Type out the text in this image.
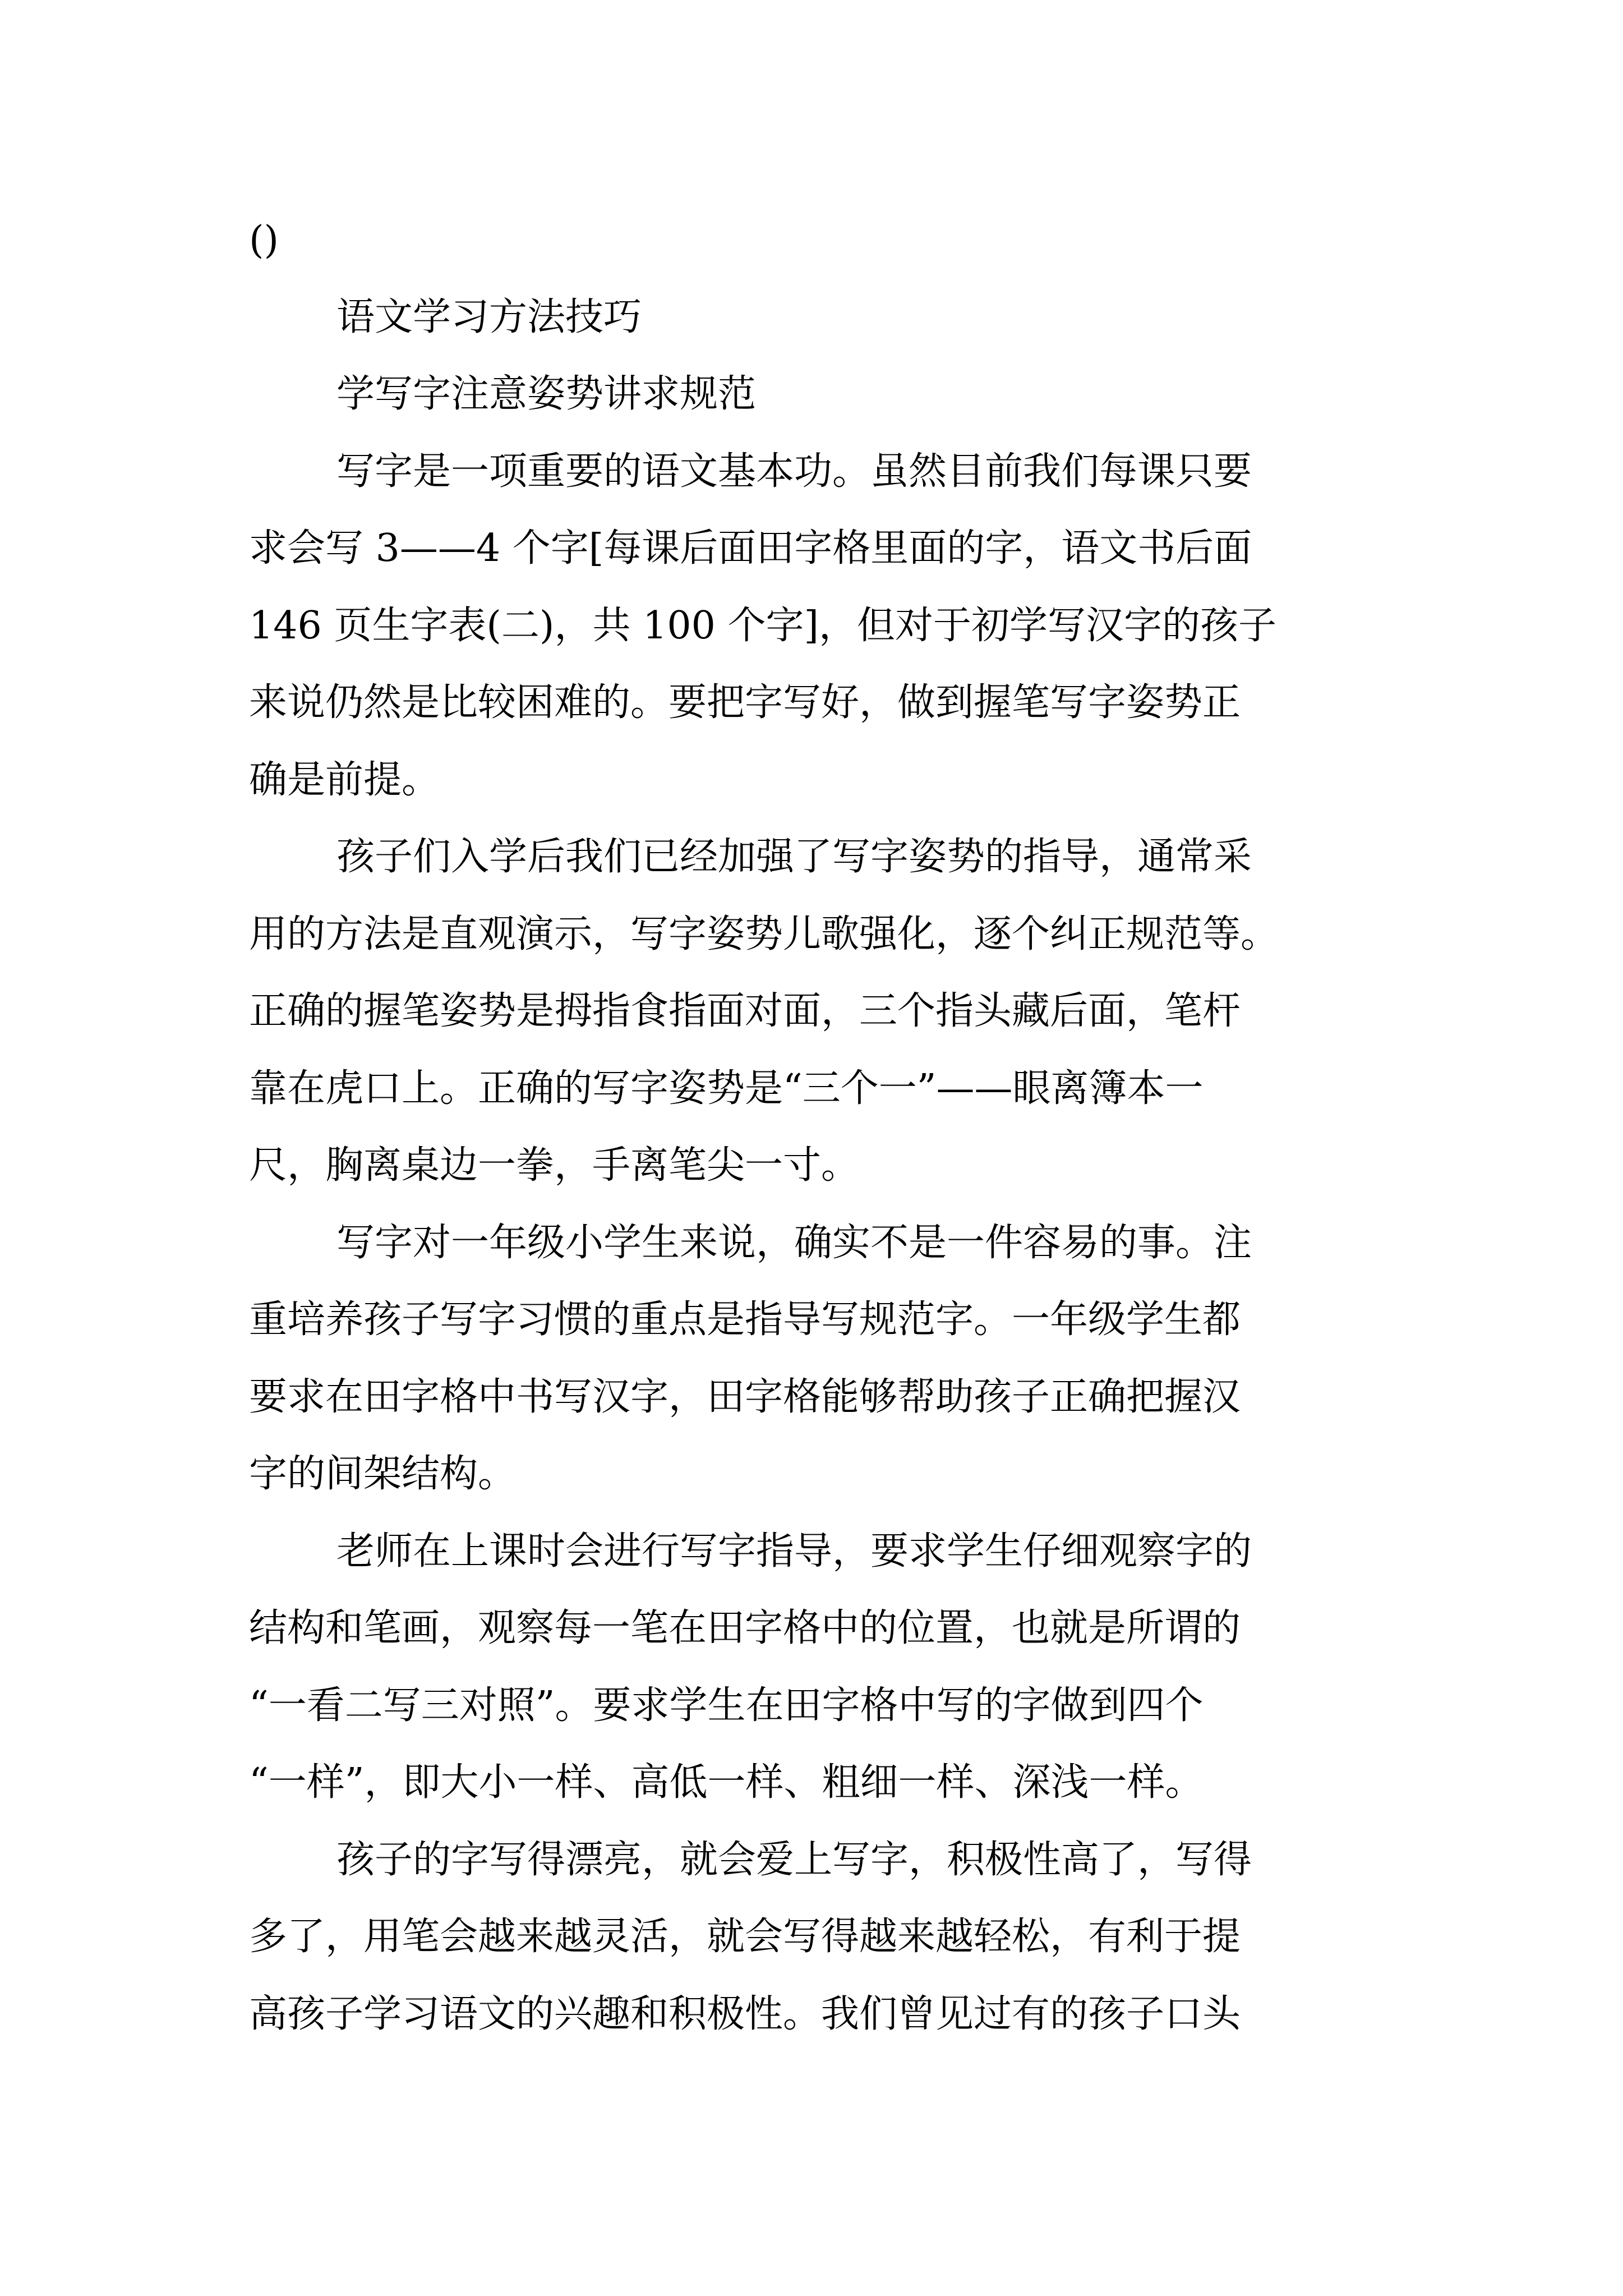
()
语文学习方法技巧
学写字注意姿势讲求规范
写字是一项重要的语文基本功。虽然目前我们每课只要
求会写 3——4 个字[每课后面田字格里面的字，语文书后面
146 页生字表(二)，共 100 个字]，但对于初学写汉字的孩子
来说仍然是比较困难的。要把字写好，做到握笔写字姿势正
确是前提。
孩子们入学后我们已经加强了写字姿势的指导，通常采
用的方法是直观演示，写字姿势儿歌强化，逐个纠正规范等。
正确的握笔姿势是拇指食指面对面，三个指头藏后面，笔杆
靠在虎口上。正确的写字姿势是“三个一”——眼离簿本一
尺，胸离桌边一拳，手离笔尖一寸。
写字对一年级小学生来说，确实不是一件容易的事。注
重培养孩子写字习惯的重点是指导写规范字。一年级学生都
要求在田字格中书写汉字，田字格能够帮助孩子正确把握汉
字的间架结构。
老师在上课时会进行写字指导，要求学生仔细观察字的
结构和笔画，观察每一笔在田字格中的位置，也就是所谓的
“一看二写三对照”。要求学生在田字格中写的字做到四个
“一样”，即大小一样、高低一样、粗细一样、深浅一样。
孩子的字写得漂亮，就会爱上写字，积极性高了，写得
多了，用笔会越来越灵活，就会写得越来越轻松，有利于提
高孩子学习语文的兴趣和积极性。我们曾见过有的孩子口头
